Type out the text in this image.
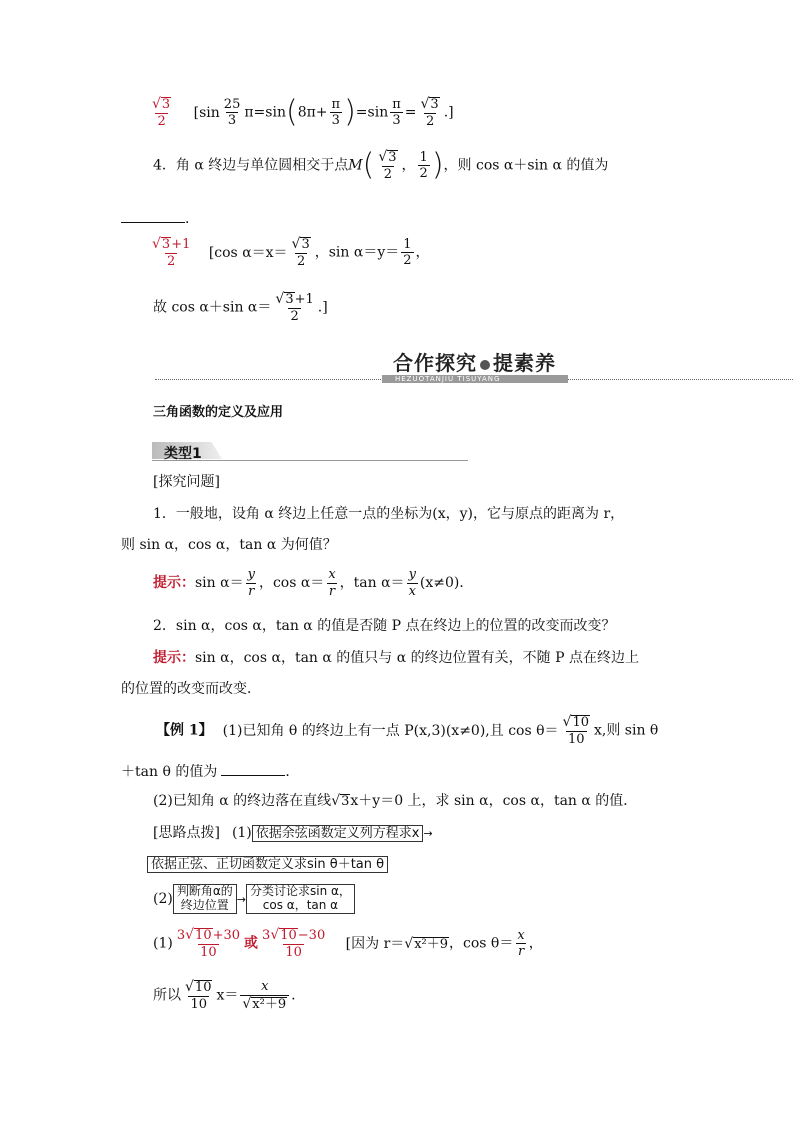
$\frac{√ 3}{2} [\sin \frac{25}{3} \pi=\sin(8\pi+ \frac{\pi}{3} )=\sin \frac{\pi}{3} = \frac{√ 3}{2}$ .]
4．角 α 终边与单位圆相交于点$M( \frac{√ 3}{2}$ ， $\frac{1}{2}$ )，则 cos α＋sin α 的值为
．
$\frac{√ 3 +1}{2} [\cos$ $\alpha=x= \frac{√ 3}{2}$ ，$\sin \alpha=y= \frac{1}{2}$ ，
故 cos α＋sin $\alpha= \frac{√ 3 +1}{2}$ .]
合作探究 提素养
HEZUOTANJIU TISUYANG
三角函数的定义及应用
类型1
[探究问题]
1．一般地，设角 α 终边上任意一点的坐标为(x，y)，它与原点的距离为 r，
则 sin α，cos α，tan α 为何值？
提示：$\sin \alpha= \frac{y}{r}$ ，$\cos \alpha= \frac{x}{r}$ ，$\tan \alpha= \frac{y}{x} (x\ne 0)$．
2．sin α，cos α，tan α 的值是否随 P 点在终边上的位置的改变而改变？
提示：sin α，cos α，tan α 的值只与 α 的终边位置有关，不随 P 点在终边上
的位置的改变而改变．
【例 1】 (1)已知角 θ 的终边上有一点 P(x,3)(x≠0),且 $\cos \theta= \frac{√ 10}{10} x$,则 sin θ
＋tan θ 的值为	．
(2)已知角 α 的终边落在直线 √ 3 x＋y＝0 上，求 sin α，cos α，tan α 的值．
[思路点拨] (1) 依据余弦函数定义列方程求x →
依据正弦、正切函数定义求sin θ＋tan θ
(2) 判断角α的
终边位置 →分类讨论求sin α，
cos α，tan α
$(1) \frac{3 √ 10 +30}{10}$ 或 $\frac{3 √ 10 -30}{10}$ [因为 r＝ √ x²＋9 ，$\cos \theta= \frac{x}{r}$ ，
所以 $\frac{√ 10}{10} x= \frac{x}{\text{√ x²＋9}}$ .
